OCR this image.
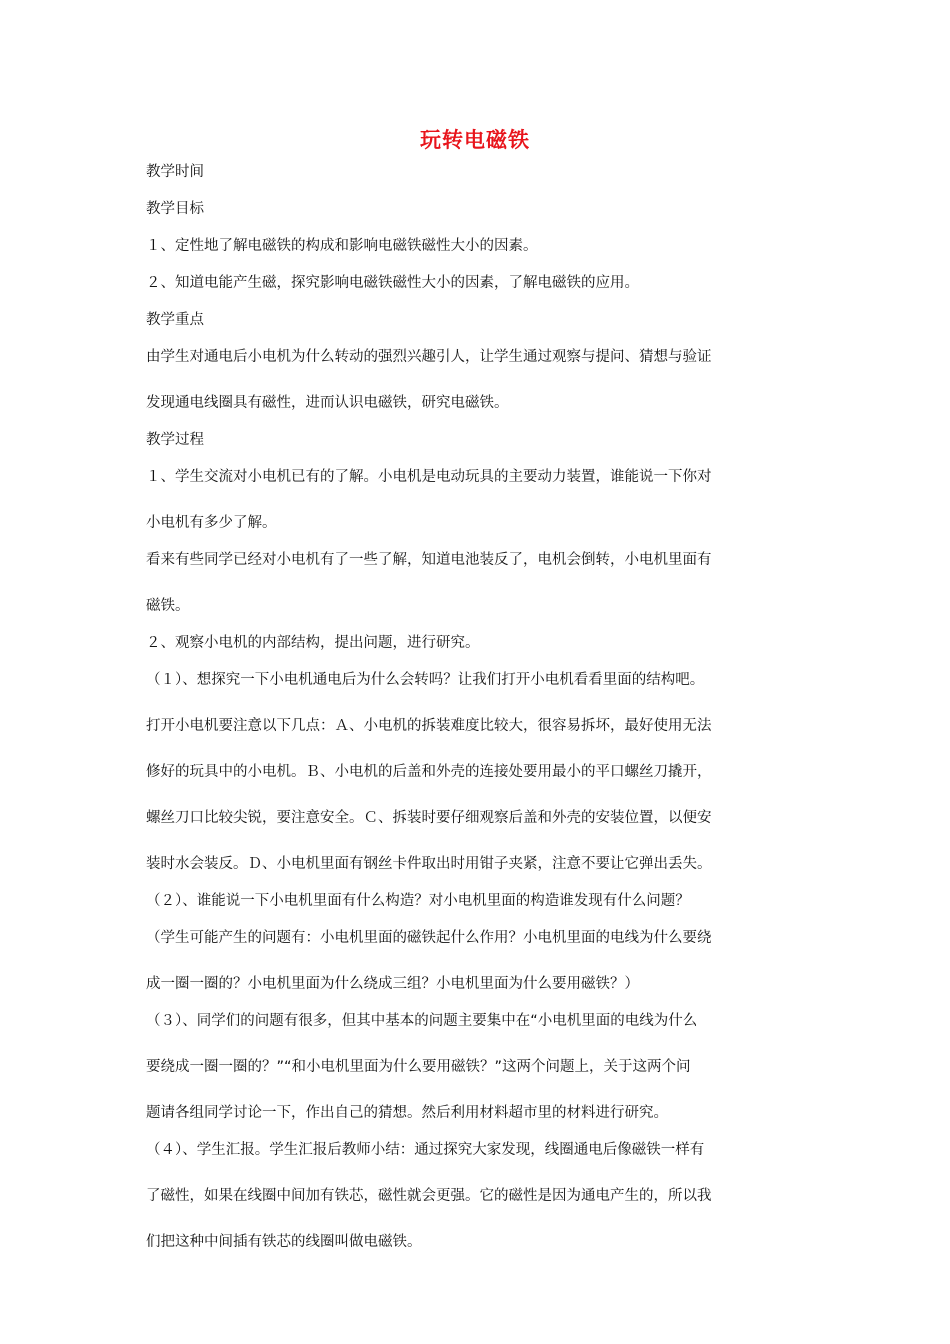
玩转电磁铁
教学时间
教学目标
１、定性地了解电磁铁的构成和影响电磁铁磁性大小的因素。
２、知道电能产生磁，探究影响电磁铁磁性大小的因素，了解电磁铁的应用。
教学重点
由学生对通电后小电机为什么转动的强烈兴趣引人，让学生通过观察与提问、猜想与验证
发现通电线圈具有磁性，进而认识电磁铁，研究电磁铁。
教学过程
１、学生交流对小电机已有的了解。小电机是电动玩具的主要动力装置，谁能说一下你对
小电机有多少了解。
看来有些同学已经对小电机有了一些了解，知道电池装反了，电机会倒转，小电机里面有
磁铁。
２、观察小电机的内部结构，提出问题，进行研究。
（１）、想探究一下小电机通电后为什么会转吗？让我们打开小电机看看里面的结构吧。
打开小电机要注意以下几点：Ａ、小电机的拆装难度比较大，很容易拆坏，最好使用无法
修好的玩具中的小电机。Ｂ、小电机的后盖和外壳的连接处要用最小的平口螺丝刀撬开，
螺丝刀口比较尖锐，要注意安全。Ｃ、拆装时要仔细观察后盖和外壳的安装位置，以便安
装时水会装反。Ｄ、小电机里面有钢丝卡件取出时用钳子夹紧，注意不要让它弹出丢失。
（２）、谁能说一下小电机里面有什么构造？对小电机里面的构造谁发现有什么问题？
（学生可能产生的问题有：小电机里面的磁铁起什么作用？小电机里面的电线为什么要绕
成一圈一圈的？小电机里面为什么绕成三组？小电机里面为什么要用磁铁？）
（３）、同学们的问题有很多，但其中基本的问题主要集中在“小电机里面的电线为什么
要绕成一圈一圈的？”“和小电机里面为什么要用磁铁？”这两个问题上，关于这两个问
题请各组同学讨论一下，作出自己的猜想。然后利用材料超市里的材料进行研究。
（４）、学生汇报。学生汇报后教师小结：通过探究大家发现，线圈通电后像磁铁一样有
了磁性，如果在线圈中间加有铁芯，磁性就会更强。它的磁性是因为通电产生的，所以我
们把这种中间插有铁芯的线圈叫做电磁铁。
